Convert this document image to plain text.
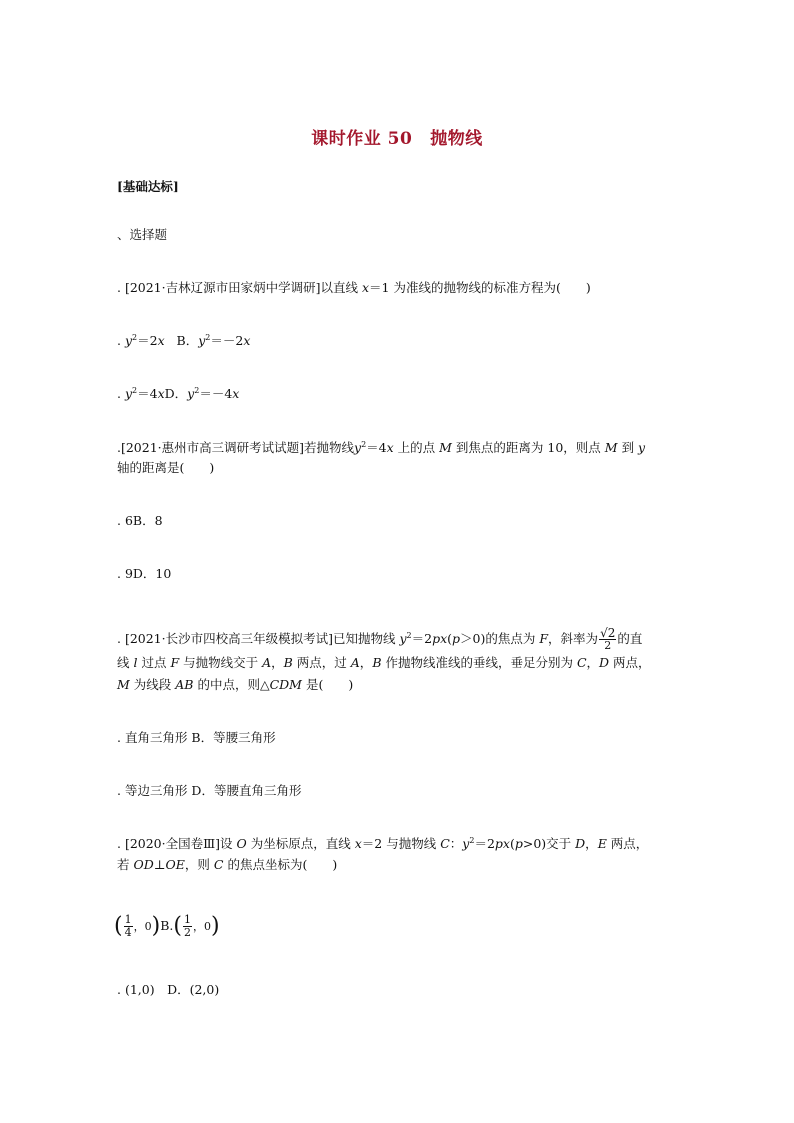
课时作业 50 抛物线
[基础达标]
、选择题
. [2021·吉林辽源市田家炳中学调研]以直线 x＝1 为准线的抛物线的标准方程为(　　)
. $y^2=2x$   B．$y^2=-2x$
. $y^2=4xD$．$y^2=-4x$
.[2021·惠州市高三调研考试试题]若抛物线$y^2=4x$ 上的点 M 到焦点的距离为 10，则点 M 到 y
轴的距离是(　　)
. 6B．8
. 9D．10
. [2021·长沙市四校高三年级模拟考试]已知抛物线 $y^2=2px(p>0)$的焦点为 F，斜率为 $\frac{√2}{2}$ 的直
线 l 过点 F 与抛物线交于 A，B 两点，过 A，B 作抛物线准线的垂线，垂足分别为 C，D 两点，
M 为线段 AB 的中点，则△CDM 是(　　)
. 直角三角形 B．等腰三角形
. 等边三角形 D．等腰直角三角形
. [2020·全国卷Ⅲ]设 O 为坐标原点，直线 x＝2 与抛物线 C：$y^2=2px(p>0)$交于 D，E 两点，
若 OD⊥OE，则 C 的焦点坐标为(　　)
( $\frac{1}{4}$ ，$0)B.( \frac{1}{2}$ ，0)
. (1,0)　D．(2,0)
